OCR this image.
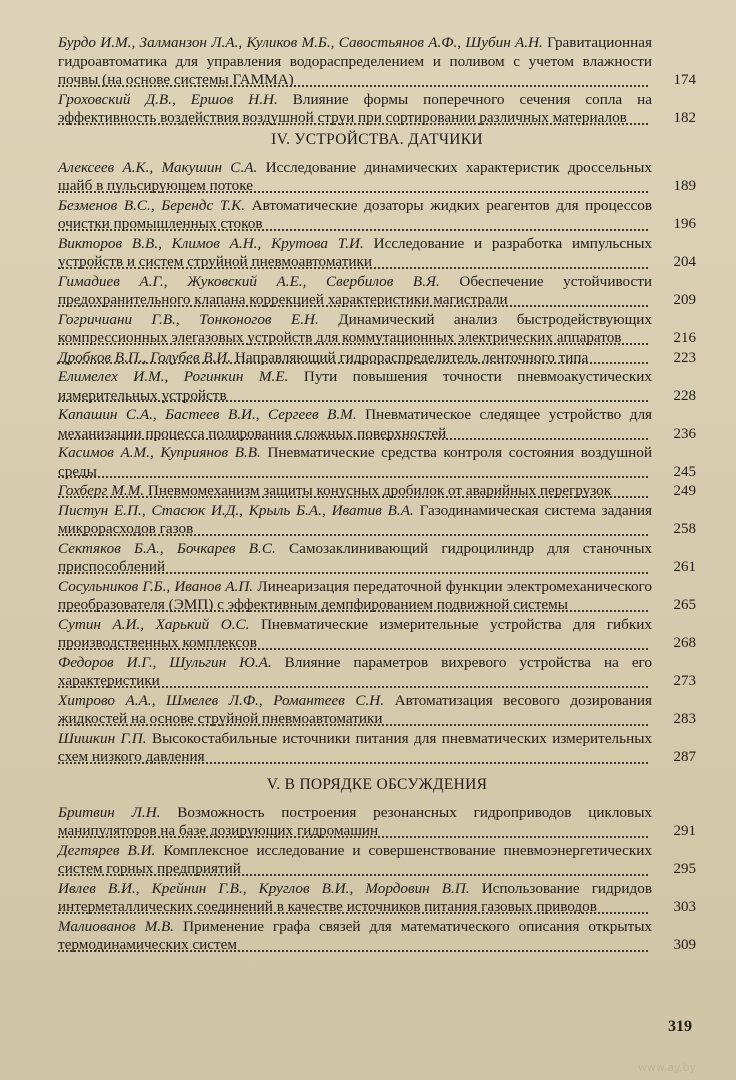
Бурдо И.М., Залманзон Л.А., Куликов М.Б., Савостьянов А.Ф., Шубин А.Н. Гравитационная гидроавтоматика для управления водораспределением и поливом с учетом влажности почвы (на основе системы ГАММА)	174
Гроховский Д.В., Ершов Н.Н. Влияние формы поперечного сечения сопла на эффективность воздействия воздушной струи при сортировании различных материалов	182
IV. УСТРОЙСТВА. ДАТЧИКИ
Алексеев А.К., Макушин С.А. Исследование динамических характеристик дроссельных шайб в пульсирующем потоке	189
Безменов В.С., Берендс Т.К. Автоматические дозаторы жидких реагентов для процессов очистки промышленных стоков	196
Викторов В.В., Климов А.Н., Крутова Т.И. Исследование и разработка импульсных устройств и систем струйной пневмоавтоматики	204
Гимадиев А.Г., Жуковский А.Е., Свербилов В.Я. Обеспечение устойчивости предохранительного клапана коррекцией характеристики магистрали	209
Гогричиани Г.В., Тонконогов Е.Н. Динамический анализ быстродействующих компрессионных элегазовых устройств для коммутационных электрических аппаратов	216
Дробков В.П., Голубев В.И. Направляющий гидрораспределитель ленточного типа	223
Елимелех И.М., Рогинкин М.Е. Пути повышения точности пневмоакустических измерительных устройств	228
Капашин С.А., Бастеев В.И., Сергеев В.М. Пневматическое следящее устройство для механизации процесса полирования сложных поверхностей	236
Касимов А.М., Куприянов В.В. Пневматические средства контроля состояния воздушной среды	245
Гохберг М.М. Пневмомеханизм защиты конусных дробилок от аварийных перегрузок	249
Пистун Е.П., Стасюк И.Д., Крыль Б.А., Иватив В.А. Газодинамическая система задания микрорасходов газов	258
Сектяков Б.А., Бочкарев В.С. Самозаклинивающий гидроцилиндр для станочных приспособлений	261
Сосульников Г.Б., Иванов А.П. Линеаризация передаточной функции электромеханического преобразователя (ЭМП) с эффективным демпфированием подвижной системы	265
Сутин А.И., Харький О.С. Пневматические измерительные устройства для гибких производственных комплексов	268
Федоров И.Г., Шульгин Ю.А. Влияние параметров вихревого устройства на его характеристики	273
Хитрово А.А., Шмелев Л.Ф., Романтеев С.Н. Автоматизация весового дозирования жидкостей на основе струйной пневмоавтоматики	283
Шишкин Г.П. Высокостабильные источники питания для пневматических измерительных схем низкого давления	287
V. В ПОРЯДКЕ ОБСУЖДЕНИЯ
Бритвин Л.Н. Возможность построения резонансных гидроприводов цикловых манипуляторов на базе дозирующих гидромашин	291
Дегтярев В.И. Комплексное исследование и совершенствование пневмоэнергетических систем горных предприятий	295
Ивлев В.И., Крейнин Г.В., Круглов В.И., Мордовин В.П. Использование гидридов интерметаллических соединений в качестве источников питания газовых приводов	303
Малиованов М.В. Применение графа связей для математического описания открытых термодинамических систем	309
319
www.ay.by
